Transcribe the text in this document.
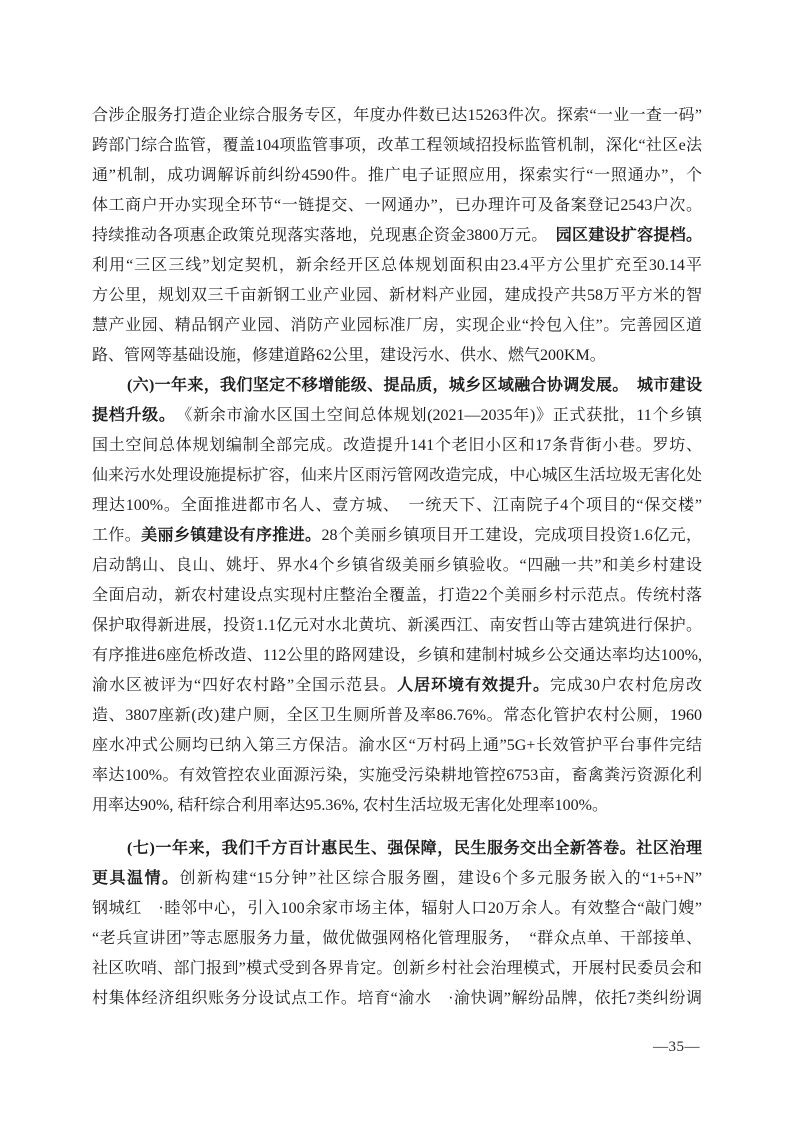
合涉企服务打造企业综合服务专区，年度办件数已达15263件次。探索“一业一查一码”
跨部门综合监管，覆盖104项监管事项，改革工程领域招投标监管机制，深化“社区e法
通”机制，成功调解诉前纠纷4590件。推广电子证照应用，探索实行“一照通办”，个
体工商户开办实现全环节“一链提交、一网通办”，已办理许可及备案登记2543户次。
持续推动各项惠企政策兑现落实落地，兑现惠企资金3800万元。　园区建设扩容提档。
利用“三区三线”划定契机，新余经开区总体规划面积由23.4平方公里扩充至30.14平
方公里，规划双三千亩新钢工业产业园、新材料产业园，建成投产共58万平方米的智
慧产业园、精品钢产业园、消防产业园标准厂房，实现企业“拎包入住”。完善园区道
路、管网等基础设施，修建道路62公里，建设污水、供水、燃气200KM。
(六)一年来，我们坚定不移增能级、提品质，城乡区域融合协调发展。　城市建设
提档升级。　《新余市渝水区国土空间总体规划(2021—2035年)》正式获批，11个乡镇
国土空间总体规划编制全部完成。改造提升141个老旧小区和17条背街小巷。罗坊、
仙来污水处理设施提标扩容，仙来片区雨污管网改造完成，中心城区生活垃圾无害化处
理达100%。全面推进都市名人、壹方城、　一统天下、江南院子4个项目的“保交楼”
工作。美丽乡镇建设有序推进。28个美丽乡镇项目开工建设，完成项目投资1.6亿元，
启动鹄山、良山、姚圩、界水4个乡镇省级美丽乡镇验收。“四融一共”和美乡村建设
全面启动，新农村建设点实现村庄整治全覆盖，打造22个美丽乡村示范点。传统村落
保护取得新进展，投资1.1亿元对水北黄坑、新溪西江、南安哲山等古建筑进行保护。
有序推进6座危桥改造、112公里的路网建设，乡镇和建制村城乡公交通达率均达100%,
渝水区被评为“四好农村路”全国示范县。人居环境有效提升。完成30户农村危房改
造、3807座新(改)建户厕，全区卫生厕所普及率86.76%。常态化管护农村公厕，1960
座水冲式公厕均已纳入第三方保洁。渝水区“万村码上通”5G+长效管护平台事件完结
率达100%。有效管控农业面源污染，实施受污染耕地管控6753亩，畜禽粪污资源化利
用率达90%, 秸秆综合利用率达95.36%, 农村生活垃圾无害化处理率100%。
(七)一年来，我们千方百计惠民生、强保障，民生服务交出全新答卷。社区治理
更具温情。创新构建“15分钟”社区综合服务圈，建设6个多元服务嵌入的“1+5+N”
钢城红　·睦邻中心，引入100余家市场主体，辐射人口20万余人。有效整合“敲门嫂”
“老兵宣讲团”等志愿服务力量，做优做强网格化管理服务，　“群众点单、干部接单、
社区吹哨、部门报到”模式受到各界肯定。创新乡村社会治理模式，开展村民委员会和
村集体经济组织账务分设试点工作。培育“渝水　·渝快调”解纷品牌，依托7类纠纷调
—35—
